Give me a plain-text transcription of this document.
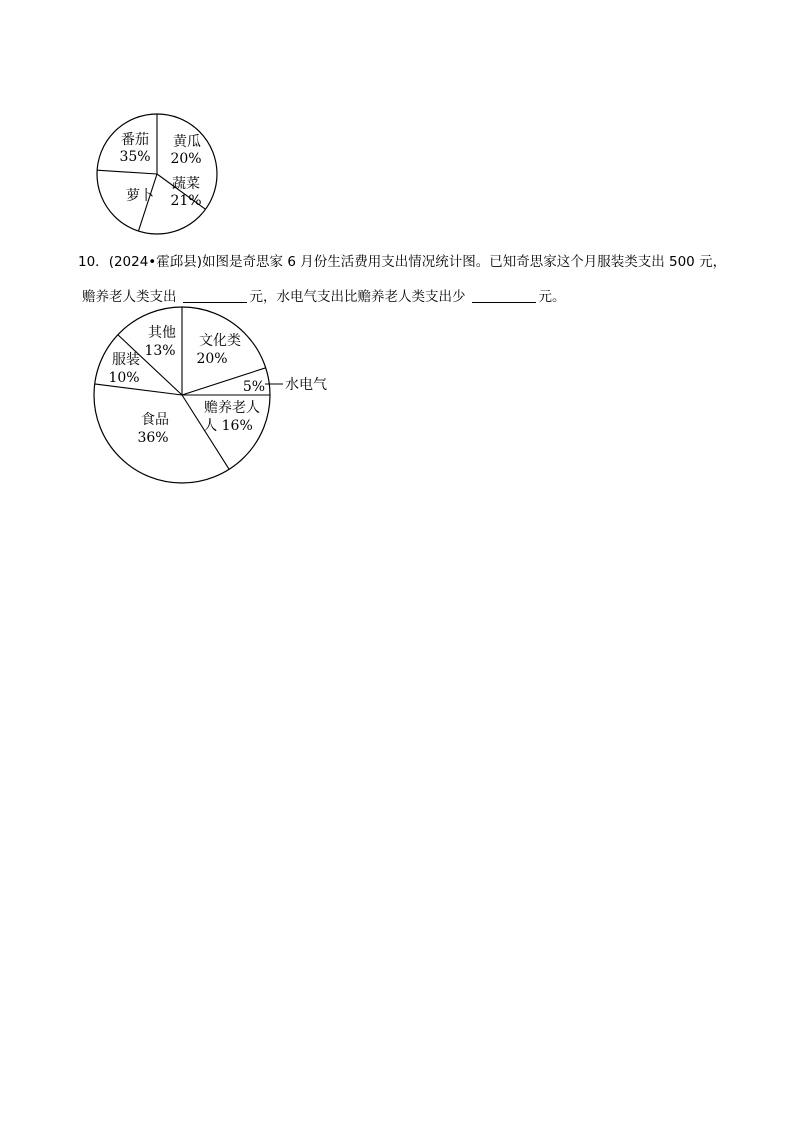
番茄
35%
黄瓜
20%
蔬菜
21%
萝卜
10．(2024•霍邱县)如图是奇思家 6 月份生活费用支出情况统计图。已知奇思家这个月服装类支出 500 元，
赡养老人类支出	元，水电气支出比赡养老人类支出少	元。
文化类
20%
5%
赡养老人
人 16%
食品
36%
服装
10%
其他
13%
水电气
